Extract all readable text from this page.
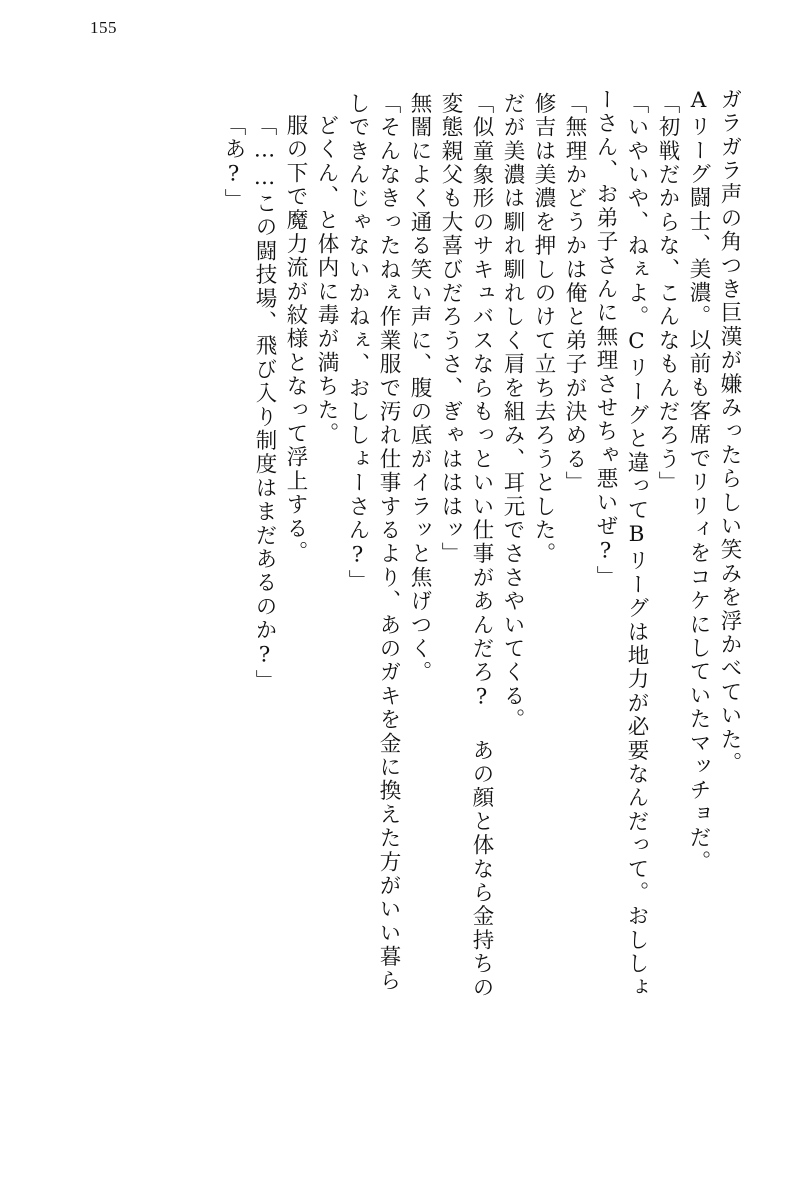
155
ガラガラ声の角つき巨漢が嫌みったらしい笑みを浮かべていた。
Aリーグ闘士、美濃。以前も客席でリリィをコケにしていたマッチョだ。
「初戦だからな、こんなもんだろう」
「いやいや、ねぇよ。Cリーグと違ってBリーグは地力が必要なんだって。おししょ
ーさん、お弟子さんに無理させちゃ悪いぜ?」
「無理かどうかは俺と弟子が決める」
修吉は美濃を押しのけて立ち去ろうとした。
だが美濃は馴れ馴れしく肩を組み、耳元でささやいてくる。
「似童象形のサキュバスならもっといい仕事があんだろ? あの顔と体なら金持ちの
変態親父も大喜びだろうさ、ぎゃはははッ」
無闇によく通る笑い声に、腹の底がイラッと焦げつく。
「そんなきったねぇ作業服で汚れ仕事するより、あのガキを金に換えた方がいい暮ら
しできんじゃないかねぇ、おししょーさん?」
どくん、と体内に毒が満ちた。
服の下で魔力流が紋様となって浮上する。
「……この闘技場、飛び入り制度はまだあるのか?」
「あ?」
